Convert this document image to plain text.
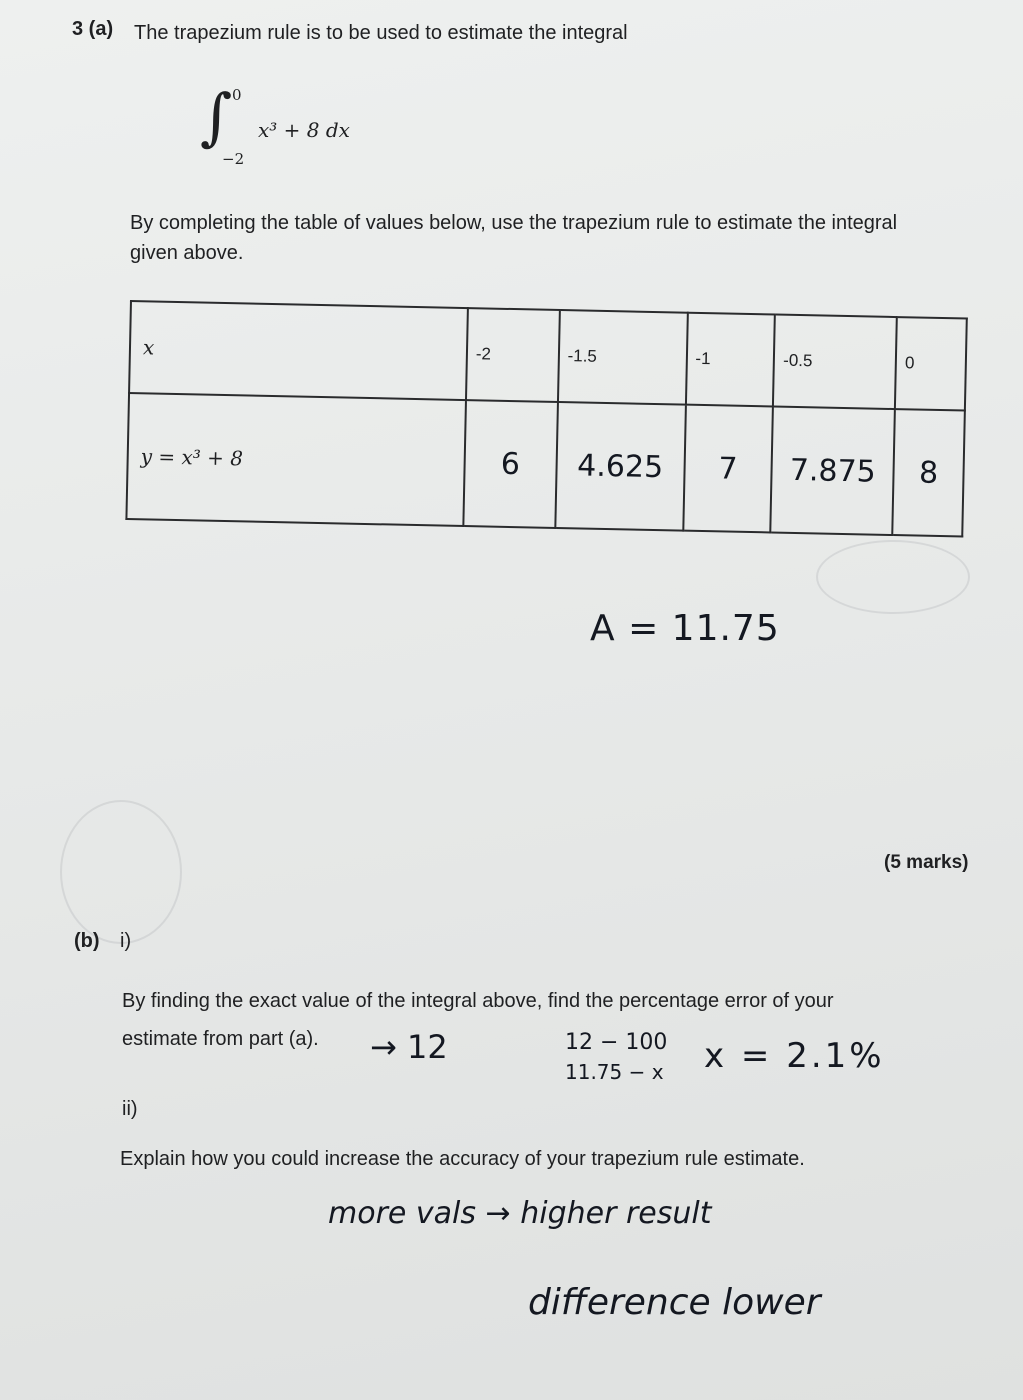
3 (a) The trapezium rule is to be used to estimate the integral
∫ 0
−2
x³ + 8 dx
By completing the table of values below, use the trapezium rule to estimate the integral
given above.
x	-2	-1.5	-1	-0.5	0
y = x³ + 8	6	4.625	7	7.875	8
A = 11.75
(5 marks)
(b) i)
By finding the exact value of the integral above, find the percentage error of your
estimate from part (a). → 12	12 − 100
11.75 − x x = 2.1%
ii)
Explain how you could increase the accuracy of your trapezium rule estimate.
more vals → higher result
difference lower
